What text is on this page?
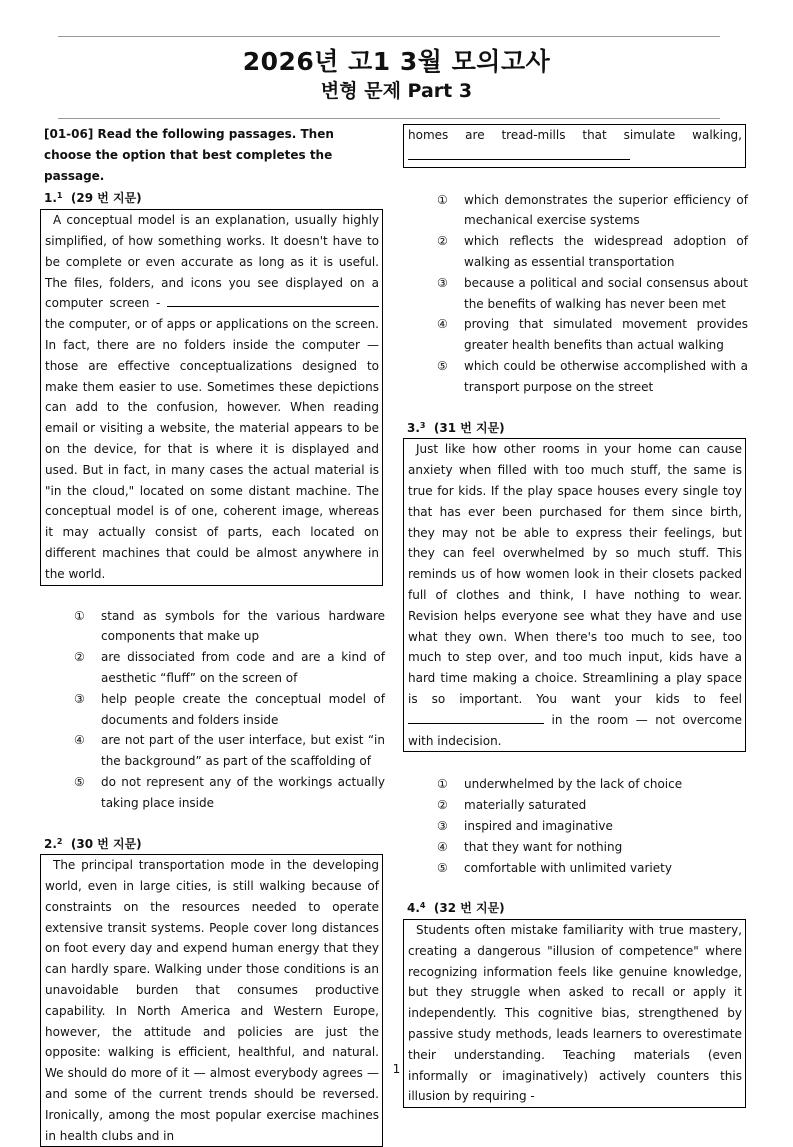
2026년 고1 3월 모의고사
변형 문제 Part 3

[01-06] Read the following passages. Then choose the option that best completes the passage.

1.$^1$ (29 번 지문)

A conceptual model is an explanation, usually highly simplified, of how something works. It doesn't have to be complete or even accurate as long as it is useful. The files, folders, and icons you see displayed on a computer screen -  the computer, or of apps or applications on the screen. In fact, there are no folders inside the computer — those are effective conceptualizations designed to make them easier to use. Sometimes these depictions can add to the confusion, however. When reading email or visiting a website, the material appears to be on the device, for that is where it is displayed and used. But in fact, in many cases the actual material is "in the cloud," located on some distant machine. The conceptual model is of one, coherent image, whereas it may actually consist of parts, each located on different machines that could be almost anywhere in the world.

① stand as symbols for the various hardware components that make up
② are dissociated from code and are a kind of aesthetic “fluff” on the screen of
③ help people create the conceptual model of documents and folders inside
④ are not part of the user interface, but exist “in the background” as part of the scaffolding of
⑤ do not represent any of the workings actually taking place inside

2.$^2$ (30 번 지문)

The principal transportation mode in the developing world, even in large cities, is still walking because of constraints on the resources needed to operate extensive transit systems. People cover long distances on foot every day and expend human energy that they can hardly spare. Walking under those conditions is an unavoidable burden that consumes productive capability. In North America and Western Europe, however, the attitude and policies are just the opposite: walking is efficient, healthful, and natural. We should do more of it — almost everybody agrees — and some of the current trends should be reversed. Ironically, among the most popular exercise machines in health clubs and in

homes are tread-mills that simulate walking,

① which demonstrates the superior efficiency of mechanical exercise systems
② which reflects the widespread adoption of walking as essential transportation
③ because a political and social consensus about the benefits of walking has never been met
④ proving that simulated movement provides greater health benefits than actual walking
⑤ which could be otherwise accomplished with a transport purpose on the street

3.$^3$ (31 번 지문)

Just like how other rooms in your home can cause anxiety when filled with too much stuff, the same is true for kids. If the play space houses every single toy that has ever been purchased for them since birth, they may not be able to express their feelings, but they can feel overwhelmed by so much stuff. This reminds us of how women look in their closets packed full of clothes and think, I have nothing to wear. Revision helps everyone see what they have and use what they own. When there's too much to see, too much to step over, and too much input, kids have a hard time making a choice. Streamlining a play space is so important. You want your kids to feel  in the room — not overcome with indecision.

① underwhelmed by the lack of choice
② materially saturated
③ inspired and imaginative
④ that they want for nothing
⑤ comfortable with unlimited variety

4.$^4$ (32 번 지문)

Students often mistake familiarity with true mastery, creating a dangerous "illusion of competence" where recognizing information feels like genuine knowledge, but they struggle when asked to recall or apply it independently. This cognitive bias, strengthened by passive study methods, leads learners to overestimate their understanding. Teaching materials (even informally or imaginatively) actively counters this illusion by requiring -

1
